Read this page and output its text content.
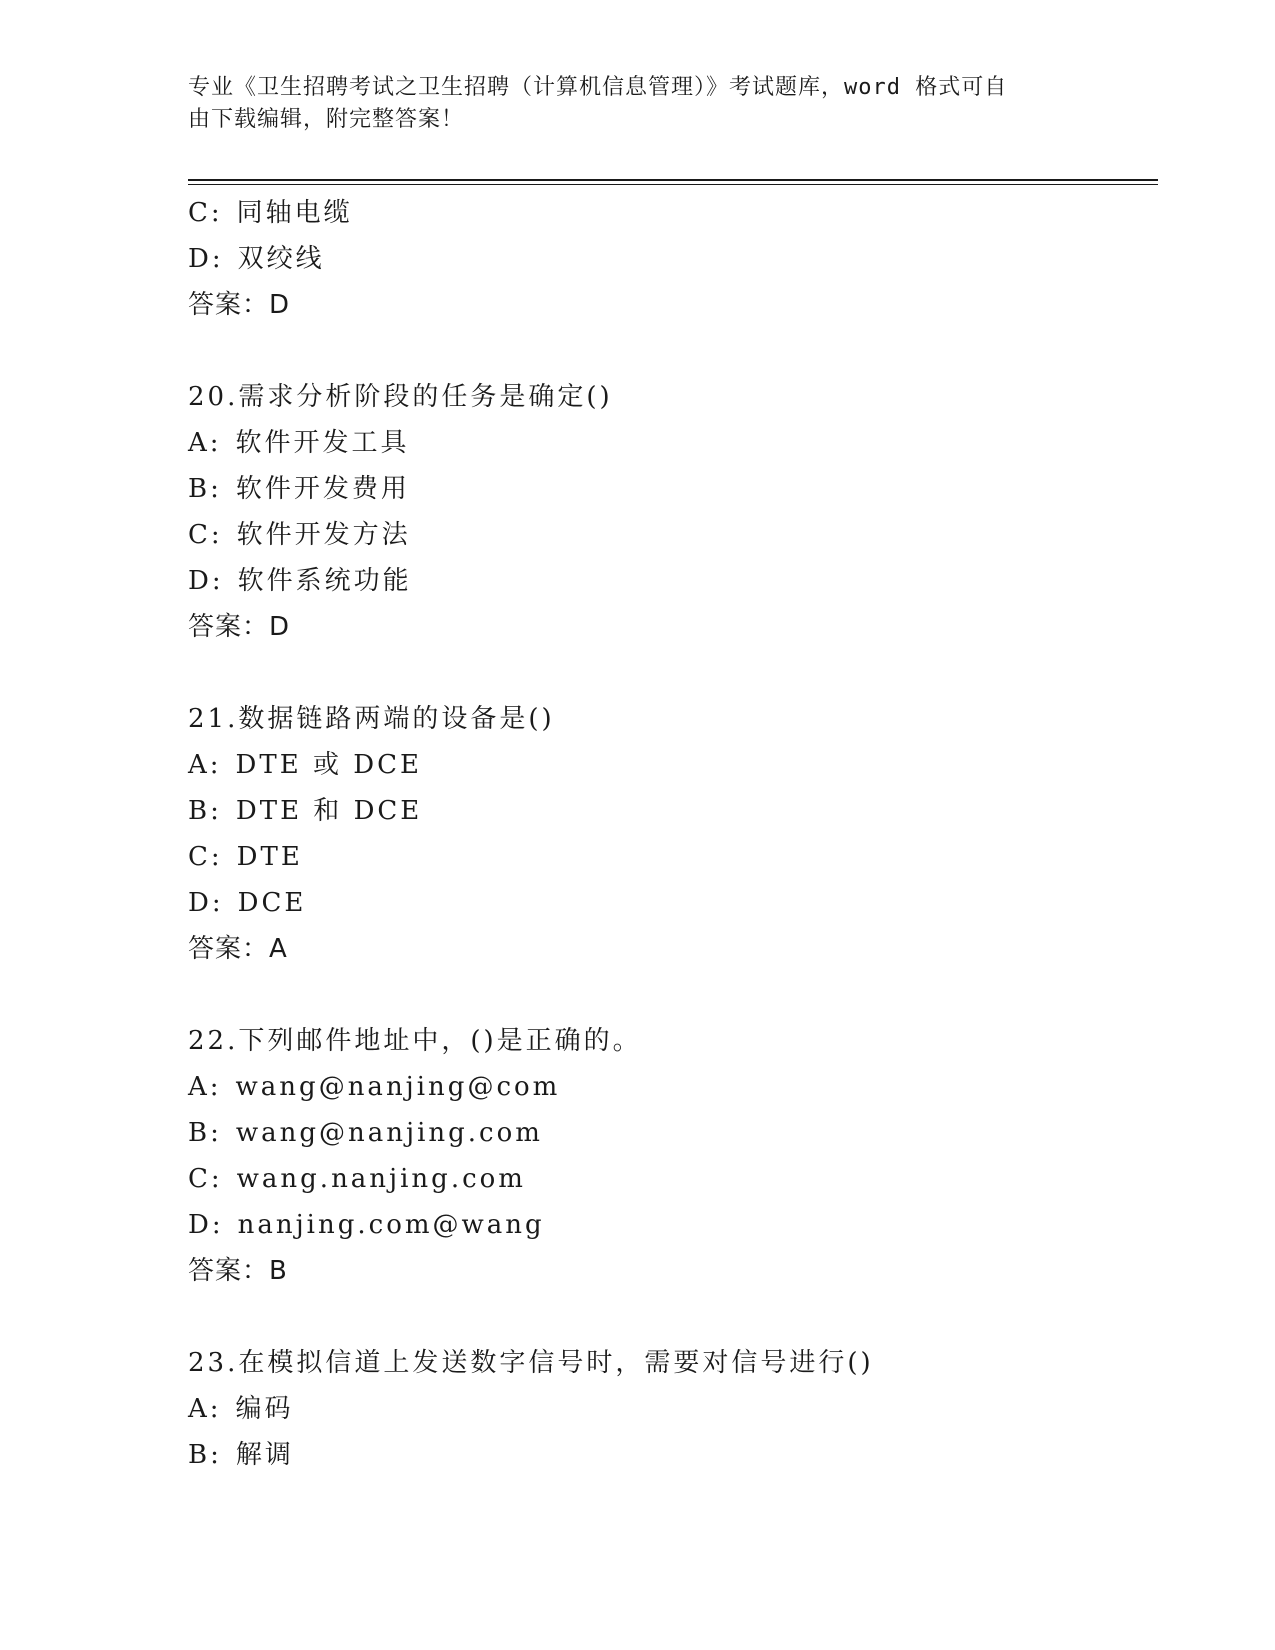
专业《卫生招聘考试之卫生招聘（计算机信息管理）》考试题库，word 格式可自
由下载编辑，附完整答案！
C: 同轴电缆
D: 双绞线
答案：D
20.需求分析阶段的任务是确定()
A: 软件开发工具
B: 软件开发费用
C: 软件开发方法
D: 软件系统功能
答案：D
21.数据链路两端的设备是()
A: DTE 或 DCE
B: DTE 和 DCE
C: DTE
D: DCE
答案：A
22.下列邮件地址中，()是正确的。
A: wang@nanjing@com
B: wang@nanjing.com
C: wang.nanjing.com
D: nanjing.com@wang
答案：B
23.在模拟信道上发送数字信号时，需要对信号进行()
A: 编码
B: 解调
